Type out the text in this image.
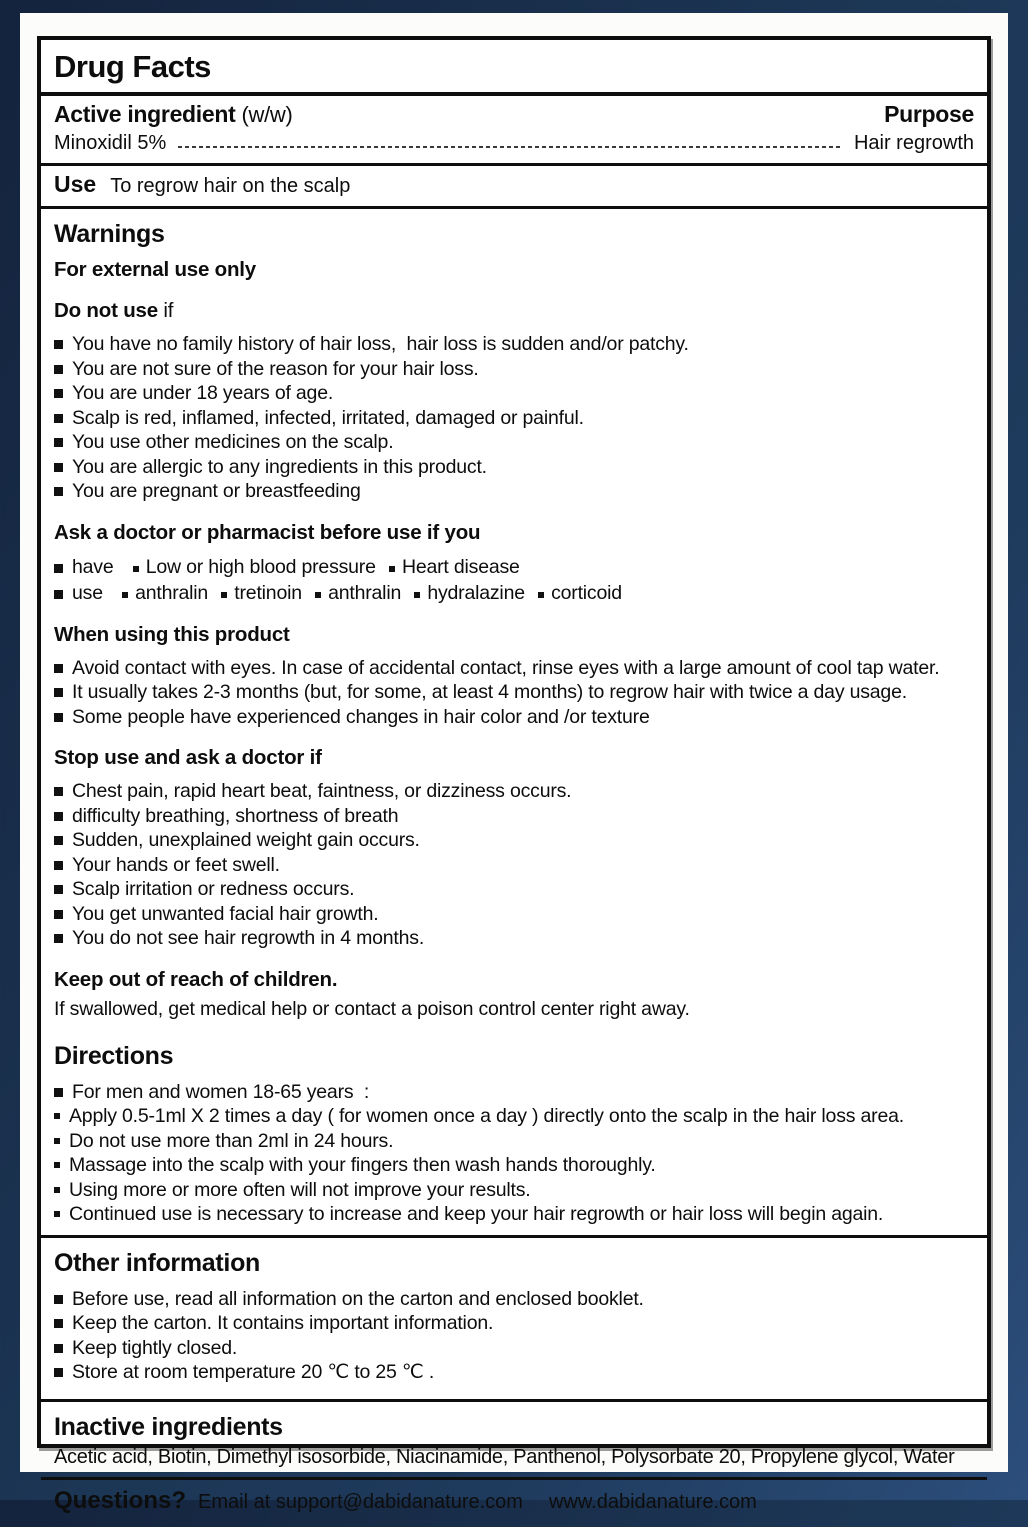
Drug Facts
Active ingredient (w/w)	Purpose
Minoxidil 5%	Hair regrowth
Use To regrow hair on the scalp
Warnings
For external use only
Do not use if
You have no family history of hair loss,  hair loss is sudden and/or patchy.
You are not sure of the reason for your hair loss.
You are under 18 years of age.
Scalp is red, inflamed, infected, irritated, damaged or painful.
You use other medicines on the scalp.
You are allergic to any ingredients in this product.
You are pregnant or breastfeeding
Ask a doctor or pharmacist before use if you
have Low or high blood pressure Heart disease
use anthralin tretinoin anthralin hydralazine corticoid
When using this product
Avoid contact with eyes. In case of accidental contact, rinse eyes with a large amount of cool tap water.
It usually takes 2-3 months (but, for some, at least 4 months) to regrow hair with twice a day usage.
Some people have experienced changes in hair color and /or texture
Stop use and ask a doctor if
Chest pain, rapid heart beat, faintness, or dizziness occurs.
difficulty breathing, shortness of breath
Sudden, unexplained weight gain occurs.
Your hands or feet swell.
Scalp irritation or redness occurs.
You get unwanted facial hair growth.
You do not see hair regrowth in 4 months.
Keep out of reach of children.
If swallowed, get medical help or contact a poison control center right away.
Directions
For men and women 18-65 years  :
Apply 0.5-1ml X 2 times a day ( for women once a day ) directly onto the scalp in the hair loss area.
Do not use more than 2ml in 24 hours.
Massage into the scalp with your fingers then wash hands thoroughly.
Using more or more often will not improve your results.
Continued use is necessary to increase and keep your hair regrowth or hair loss will begin again.
Other information
Before use, read all information on the carton and enclosed booklet.
Keep the carton. It contains important information.
Keep tightly closed.
Store at room temperature 20 ℃ to 25 ℃ .
Inactive ingredients
Acetic acid, Biotin, Dimethyl isosorbide, Niacinamide, Panthenol, Polysorbate 20, Propylene glycol, Water
Questions? Email at support@dabidanature.com www.dabidanature.com
